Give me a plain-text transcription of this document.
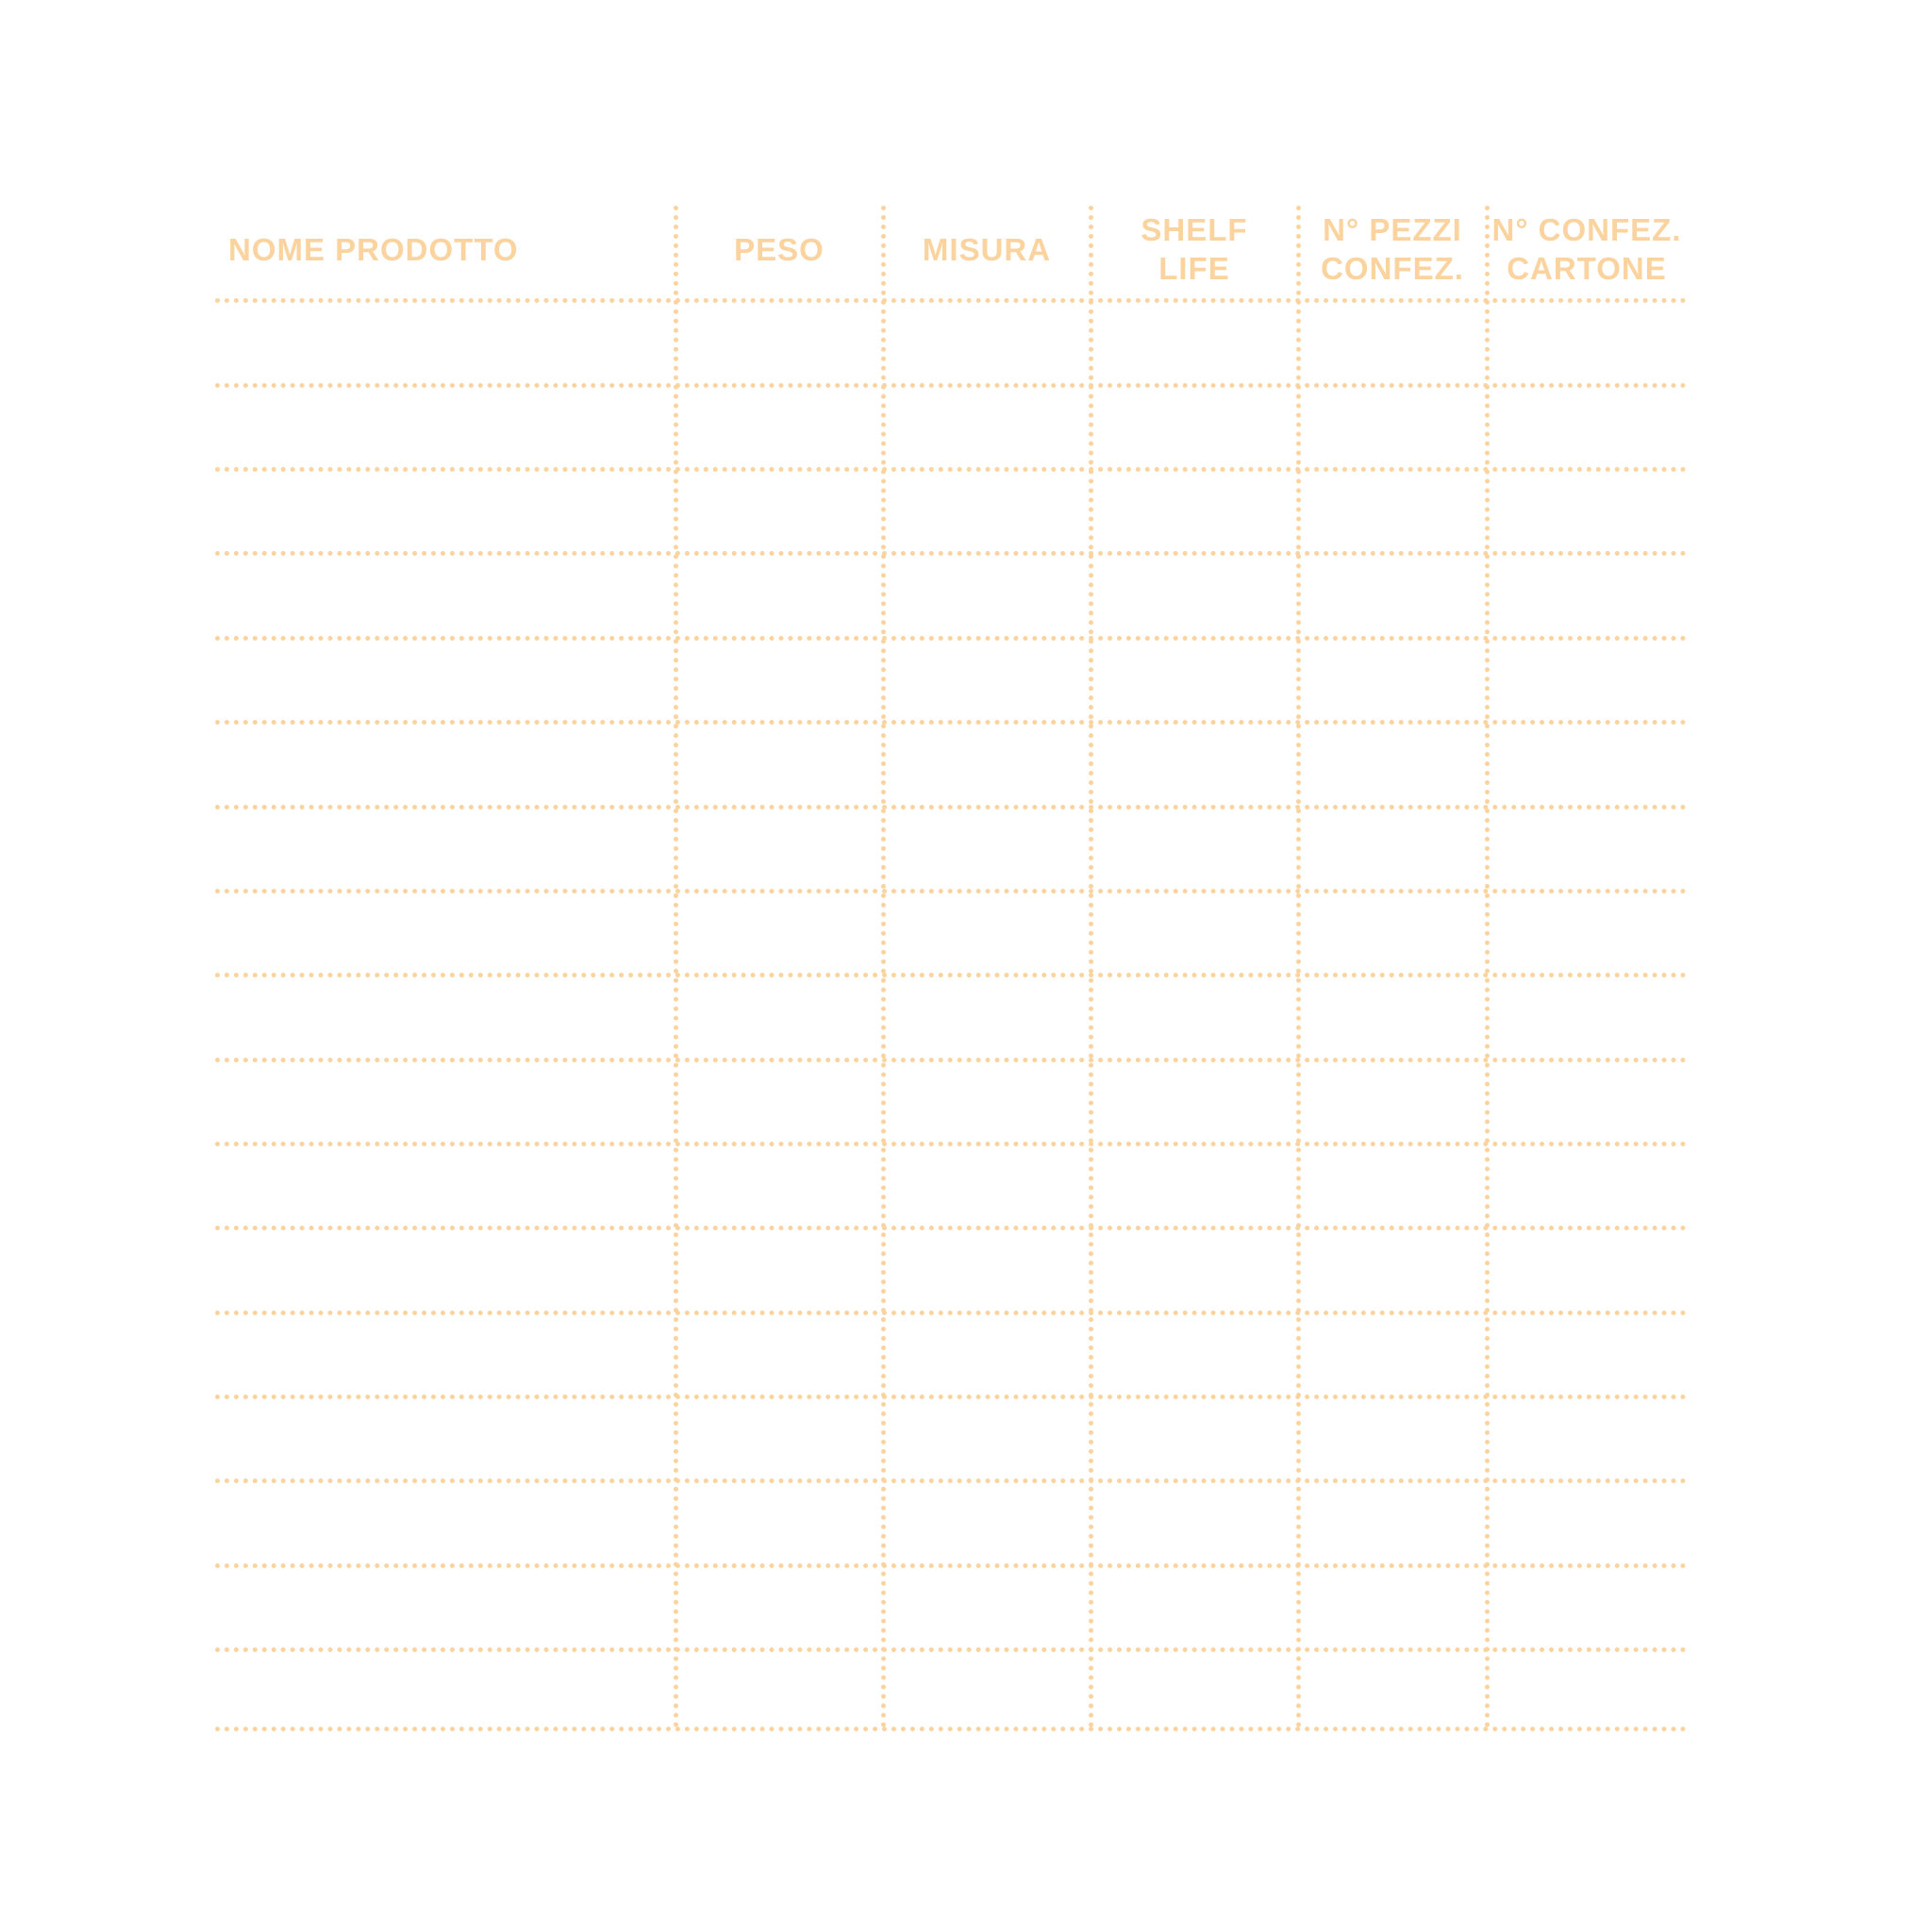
NOME PRODOTTO	PESO	MISURA
SHELF
LIFE
N° PEZZI
CONFEZ.
N° CONFEZ.
CARTONE
